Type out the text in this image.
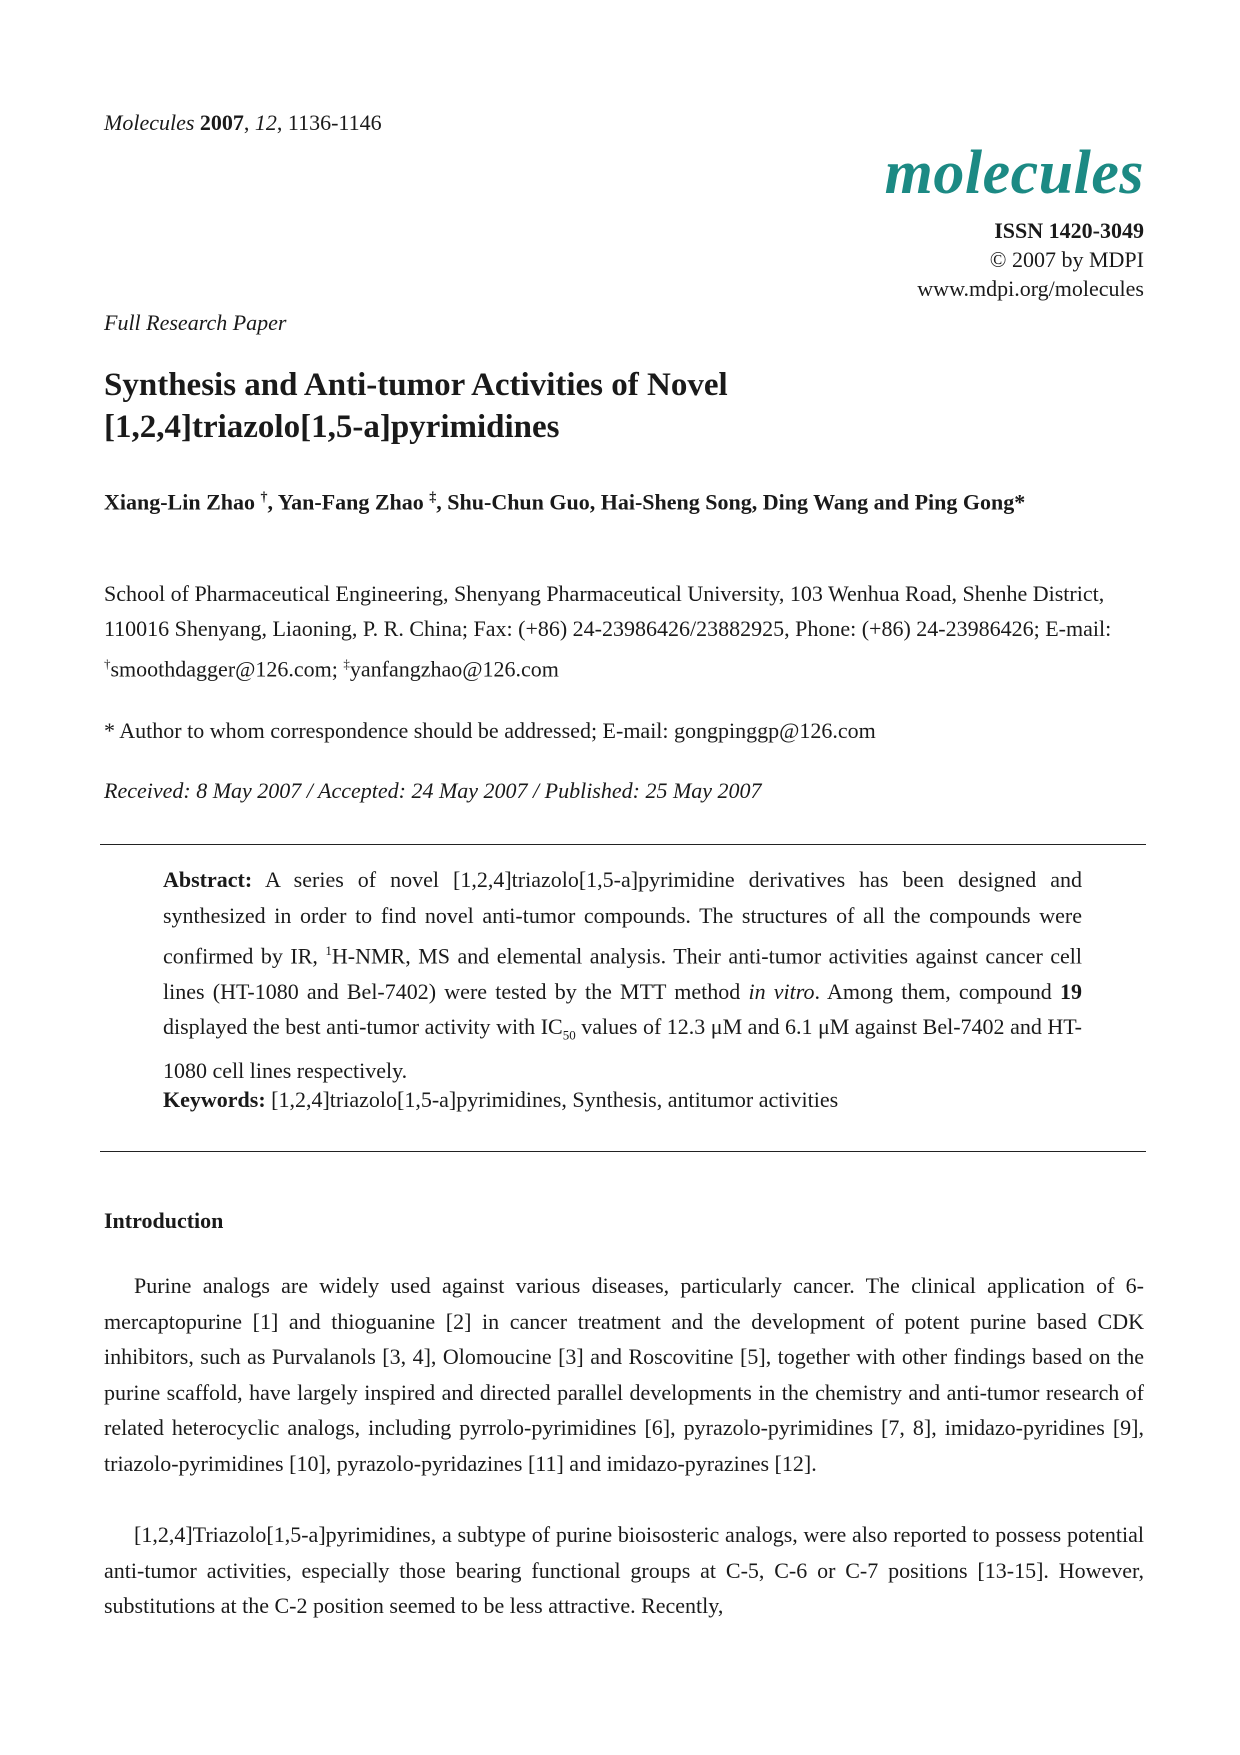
Molecules 2007, 12, 1136-1146
molecules
ISSN 1420-3049
© 2007 by MDPI
www.mdpi.org/molecules
Full Research Paper
Synthesis and Anti-tumor Activities of Novel
[1,2,4]triazolo[1,5-a]pyrimidines
Xiang-Lin Zhao †, Yan-Fang Zhao ‡, Shu-Chun Guo, Hai-Sheng Song, Ding Wang and Ping Gong*
School of Pharmaceutical Engineering, Shenyang Pharmaceutical University, 103 Wenhua Road, Shenhe District, 110016 Shenyang, Liaoning, P. R. China; Fax: (+86) 24-23986426/23882925, Phone: (+86) 24-23986426; E-mail: †smoothdagger@126.com; ‡yanfangzhao@126.com
* Author to whom correspondence should be addressed; E-mail: gongpinggp@126.com
Received: 8 May 2007 / Accepted: 24 May 2007 / Published: 25 May 2007

Abstract: A series of novel [1,2,4]triazolo[1,5-a]pyrimidine derivatives has been designed and synthesized in order to find novel anti-tumor compounds. The structures of all the compounds were confirmed by IR, $^1$H-NMR, MS and elemental analysis. Their anti-tumor activities against cancer cell lines (HT-1080 and Bel-7402) were tested by the MTT method in vitro. Among them, compound 19 displayed the best anti-tumor activity with $IC_{50}$ values of 12.3 μM and 6.1 μM against Bel-7402 and HT-1080 cell lines respectively.

Keywords: [1,2,4]triazolo[1,5-a]pyrimidines, Synthesis, antitumor activities
Introduction

Purine analogs are widely used against various diseases, particularly cancer. The clinical application of 6-mercaptopurine [1] and thioguanine [2] in cancer treatment and the development of potent purine based CDK inhibitors, such as Purvalanols [3, 4], Olomoucine [3] and Roscovitine [5], together with other findings based on the purine scaffold, have largely inspired and directed parallel developments in the chemistry and anti-tumor research of related heterocyclic analogs, including pyrrolo-pyrimidines [6], pyrazolo-pyrimidines [7, 8], imidazo-pyridines [9], triazolo-pyrimidines [10], pyrazolo-pyridazines [11] and imidazo-pyrazines [12].

[1,2,4]Triazolo[1,5-a]pyrimidines, a subtype of purine bioisosteric analogs, were also reported to possess potential anti-tumor activities, especially those bearing functional groups at C-5, C-6 or C-7 positions [13-15]. However, substitutions at the C-2 position seemed to be less attractive. Recently,
